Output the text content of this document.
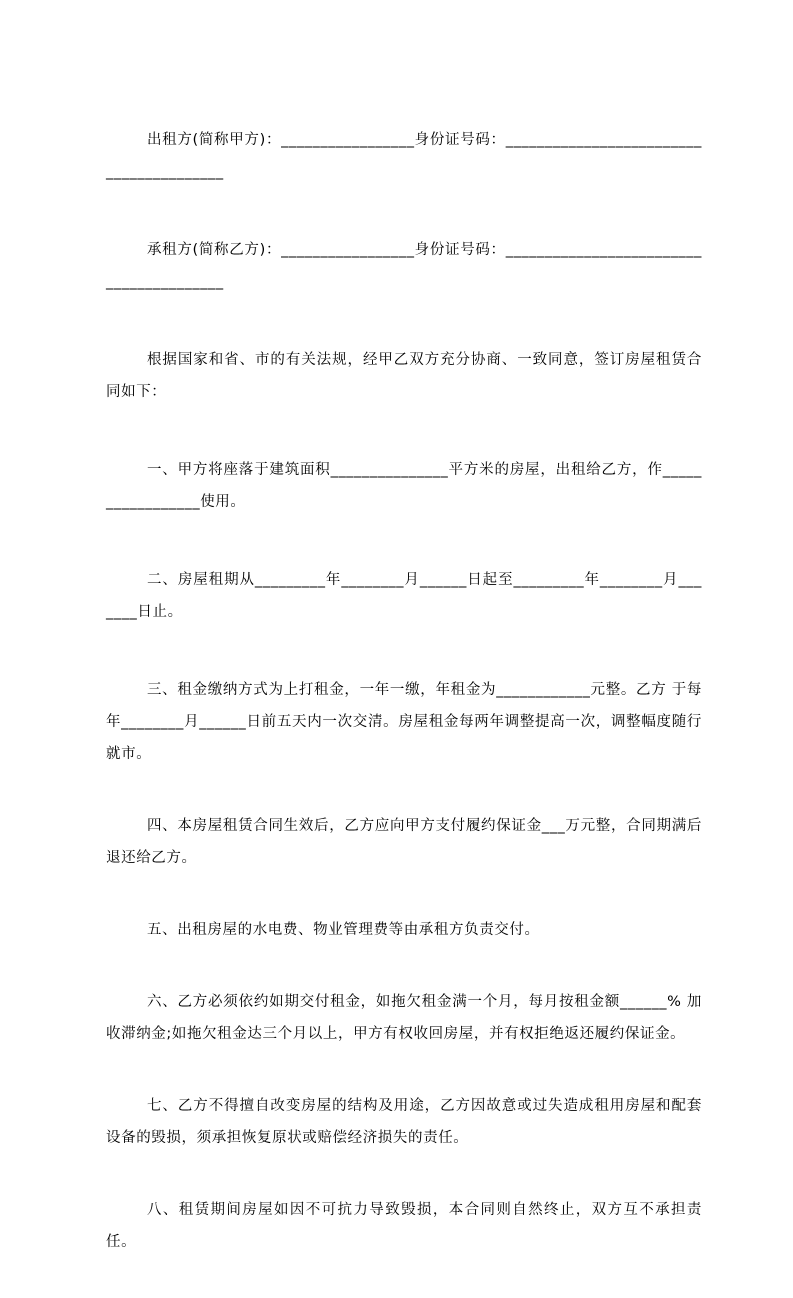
出租方(简称甲方)：_________________身份证号码：________________________________________

承租方(简称乙方)：_________________身份证号码：________________________________________

根据国家和省、市的有关法规，经甲乙双方充分协商、一致同意，签订房屋租赁合同如下：

一、甲方将座落于建筑面积_______________平方米的房屋，出租给乙方，作_________________使用。

二、房屋租期从_________年________月______日起至_________年________月_______日止。

三、租金缴纳方式为上打租金，一年一缴，年租金为____________元整。乙方 于每年________月______日前五天内一次交清。房屋租金每两年调整提高一次，调整幅度随行就市。

四、本房屋租赁合同生效后，乙方应向甲方支付履约保证金___万元整，合同期满后退还给乙方。

五、出租房屋的水电费、物业管理费等由承租方负责交付。

六、乙方必须依约如期交付租金，如拖欠租金满一个月，每月按租金额______% 加收滞纳金;如拖欠租金达三个月以上，甲方有权收回房屋，并有权拒绝返还履约保证金。

七、乙方不得擅自改变房屋的结构及用途，乙方因故意或过失造成租用房屋和配套设备的毁损，须承担恢复原状或赔偿经济损失的责任。

八、租赁期间房屋如因不可抗力导致毁损，本合同则自然终止，双方互不承担责任。
